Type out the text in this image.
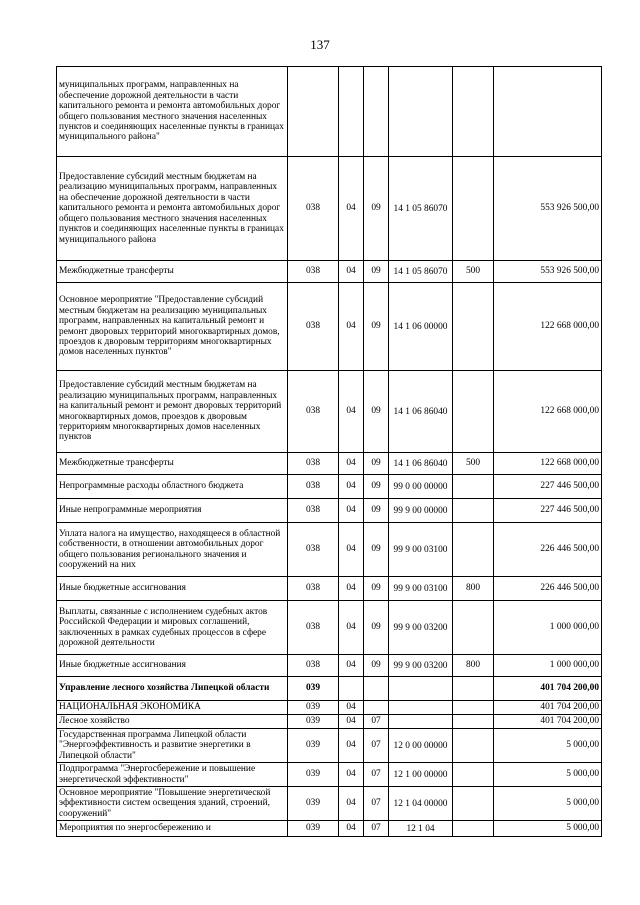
137
муниципальных программ, направленных на обеспечение дорожной деятельности в части капитального ремонта и ремонта автомобильных дорог общего пользования местного значения населенных пунктов и соединяющих населенные пункты в границах муниципального района"						
Предоставление субсидий местным бюджетам на реализацию муниципальных программ, направленных на обеспечение дорожной деятельности в части капитального ремонта и ремонта автомобильных дорог общего пользования местного значения населенных пунктов и соединяющих населенные пункты в границах муниципального района	038	04	09	14 1 05 86070		553 926 500,00
Межбюджетные трансферты	038	04	09	14 1 05 86070	500	553 926 500,00
Основное мероприятие "Предоставление субсидий местным бюджетам на реализацию муниципальных программ, направленных на капитальный ремонт и ремонт дворовых территорий многоквартирных домов, проездов к дворовым территориям многоквартирных домов населенных пунктов"	038	04	09	14 1 06 00000		122 668 000,00
Предоставление субсидий местным бюджетам на реализацию муниципальных программ, направленных на капитальный ремонт и ремонт дворовых территорий многоквартирных домов, проездов к дворовым территориям многоквартирных домов населенных пунктов	038	04	09	14 1 06 86040		122 668 000,00
Межбюджетные трансферты	038	04	09	14 1 06 86040	500	122 668 000,00
Непрограммные расходы областного бюджета	038	04	09	99 0 00 00000		227 446 500,00
Иные непрограммные мероприятия	038	04	09	99 9 00 00000		227 446 500,00
Уплата налога на имущество, находящееся в областной собственности, в отношении автомобильных дорог общего пользования регионального значения и сооружений на них	038	04	09	99 9 00 03100		226 446 500,00
Иные бюджетные ассигнования	038	04	09	99 9 00 03100	800	226 446 500,00
Выплаты, связанные с исполнением судебных актов Российской Федерации и мировых соглашений, заключенных в рамках судебных процессов в сфере дорожной деятельности	038	04	09	99 9 00 03200		1 000 000,00
Иные бюджетные ассигнования	038	04	09	99 9 00 03200	800	1 000 000,00
Управление лесного хозяйства Липецкой области	039					401 704 200,00
НАЦИОНАЛЬНАЯ ЭКОНОМИКА	039	04				401 704 200,00
Лесное хозяйство	039	04	07			401 704 200,00
Государственная программа Липецкой области "Энергоэффективность и развитие энергетики в Липецкой области"	039	04	07	12 0 00 00000		5 000,00
Подпрограмма "Энергосбережение и повышение энергетической эффективности"	039	04	07	12 1 00 00000		5 000,00
Основное мероприятие "Повышение энергетической эффективности систем освещения зданий, строений, сооружений"	039	04	07	12 1 04 00000		5 000,00
Мероприятия по энергосбережению и	039	04	07	12 1 04		5 000,00
